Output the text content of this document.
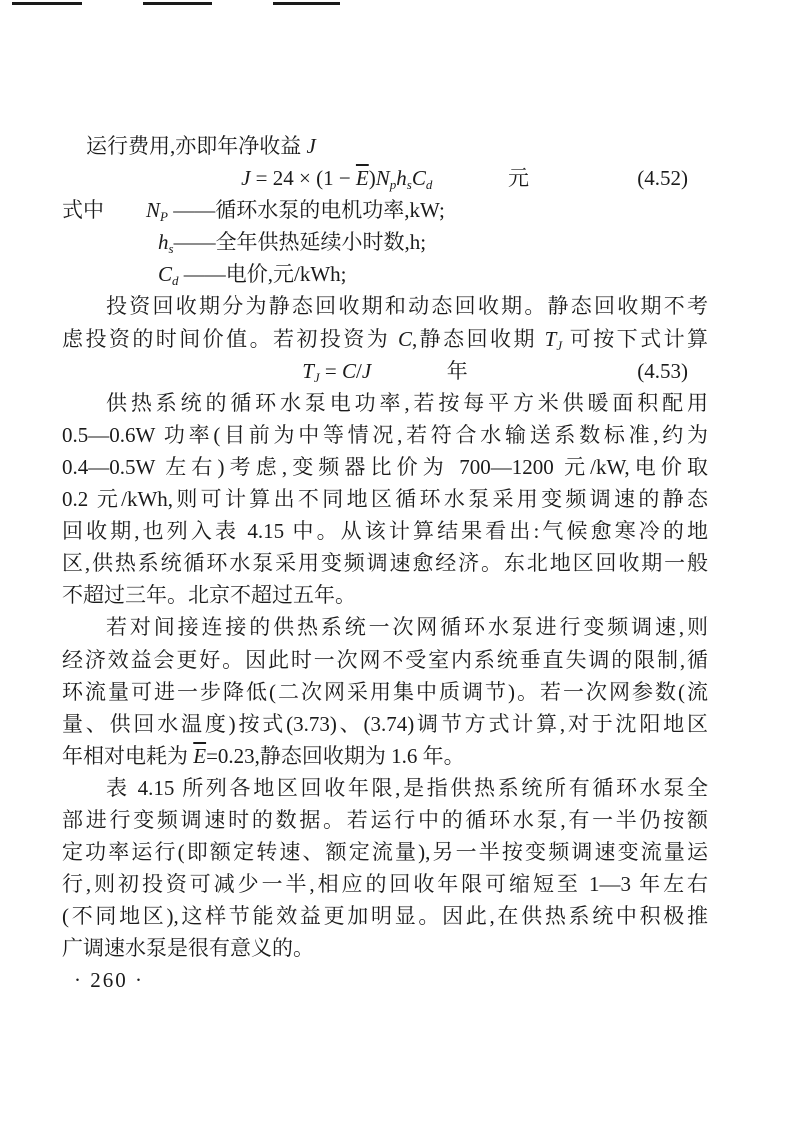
运行费用,亦即年净收益 J
$J = 24 \times (1 - \overline{E})NphsCd$	元	(4.52)
式中　　NP ——循环水泵的电机功率,kW;
hs——全年供热延续小时数,h;
Cd ——电价,元/kWh;
投资回收期分为静态回收期和动态回收期。静态回收期不考
虑投资的时间价值。若初投资为 C,静态回收期 TJ 可按下式计算
TJ = C/J	年	(4.53)
供热系统的循环水泵电功率,若按每平方米供暖面积配用
0.5—0.6W 功率(目前为中等情况,若符合水输送系数标准,约为
0.4—0.5W 左右)考虑,变频器比价为 700—1200 元/kW,电价取
0.2 元/kWh,则可计算出不同地区循环水泵采用变频调速的静态
回收期,也列入表 4.15 中。从该计算结果看出:气候愈寒冷的地
区,供热系统循环水泵采用变频调速愈经济。东北地区回收期一般
不超过三年。北京不超过五年。
若对间接连接的供热系统一次网循环水泵进行变频调速,则
经济效益会更好。因此时一次网不受室内系统垂直失调的限制,循
环流量可进一步降低(二次网采用集中质调节)。若一次网参数(流
量、供回水温度)按式(3.73)、(3.74)调节方式计算,对于沈阳地区
年相对电耗为 $\overline{E}=0.23$,静态回收期为 1.6 年。
表 4.15 所列各地区回收年限,是指供热系统所有循环水泵全
部进行变频调速时的数据。若运行中的循环水泵,有一半仍按额
定功率运行(即额定转速、额定流量),另一半按变频调速变流量运
行,则初投资可减少一半,相应的回收年限可缩短至 1—3 年左右
(不同地区),这样节能效益更加明显。因此,在供热系统中积极推
广调速水泵是很有意义的。
· 260 ·
